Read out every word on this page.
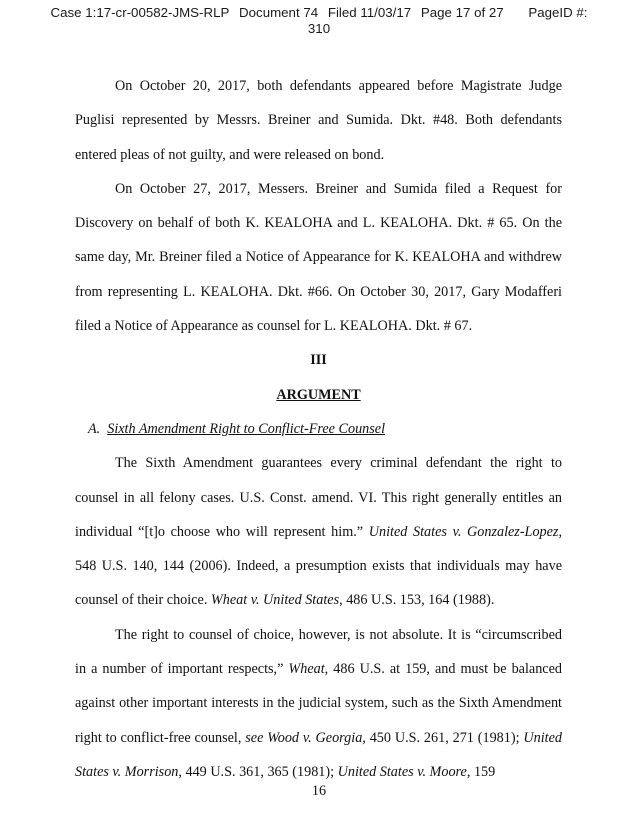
Case 1:17-cr-00582-JMS-RLP Document 74 Filed 11/03/17 Page 17 of 27 PageID #:
310

On October 20, 2017, both defendants appeared before Magistrate Judge Puglisi represented by Messrs. Breiner and Sumida. Dkt. #48. Both defendants entered pleas of not guilty, and were released on bond.

On October 27, 2017, Messers. Breiner and Sumida filed a Request for Discovery on behalf of both K. KEALOHA and L. KEALOHA. Dkt. # 65. On the same day, Mr. Breiner filed a Notice of Appearance for K. KEALOHA and withdrew from representing L. KEALOHA. Dkt. #66. On October 30, 2017, Gary Modafferi filed a Notice of Appearance as counsel for L. KEALOHA. Dkt. # 67.

III

ARGUMENT

A. Sixth Amendment Right to Conflict-Free Counsel

The Sixth Amendment guarantees every criminal defendant the right to counsel in all felony cases. U.S. Const. amend. VI. This right generally entitles an individual “[t]o choose who will represent him.” United States v. Gonzalez-Lopez, 548 U.S. 140, 144 (2006). Indeed, a presumption exists that individuals may have counsel of their choice. Wheat v. United States, 486 U.S. 153, 164 (1988).

The right to counsel of choice, however, is not absolute. It is “circumscribed in a number of important respects,” Wheat, 486 U.S. at 159, and must be balanced against other important interests in the judicial system, such as the Sixth Amendment right to conflict-free counsel, see Wood v. Georgia, 450 U.S. 261, 271 (1981); United States v. Morrison, 449 U.S. 361, 365 (1981); United States v. Moore, 159

16
